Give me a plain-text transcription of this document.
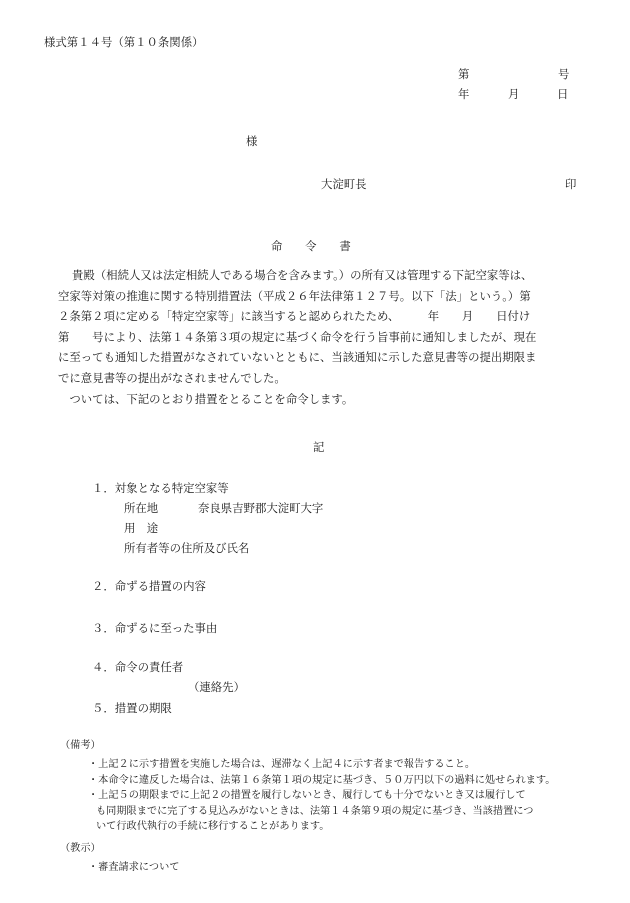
様式第１４号（第１０条関係）
第	号
年	月	日
様
大淀町長	印
命　　令　　書

貴殿（相続人又は法定相続人である場合を含みます。）の所有又は管理する下記空家等は、

空家等対策の推進に関する特別措置法（平成２６年法律第１２７号。以下「法」という。）第

２条第２項に定める「特定空家等」に該当すると認められたため、　　　年　　月　　日付け

第　　号により、法第１４条第３項の規定に基づく命令を行う旨事前に通知しましたが、現在

に至っても通知した措置がなされていないとともに、当該通知に示した意見書等の提出期限ま

でに意見書等の提出がなされませんでした。

　ついては、下記のとおり措置をとることを命令します。

記
１．対象となる特定空家等
所在地	奈良県吉野郡大淀町大字
用　途
所有者等の住所及び氏名
２．命ずる措置の内容
３．命ずるに至った事由
４．命令の責任者
（連絡先）
５．措置の期限
（備考）

・上記２に示す措置を実施した場合は、遅滞なく上記４に示す者まで報告すること。

・本命令に違反した場合は、法第１６条第１項の規定に基づき、５０万円以下の過料に処せられます。

・上記５の期限までに上記２の措置を履行しないとき、履行しても十分でないとき又は履行して

も同期限までに完了する見込みがないときは、法第１４条第９項の規定に基づき、当該措置につ

いて行政代執行の手続に移行することがあります。

（教示）
・審査請求について
